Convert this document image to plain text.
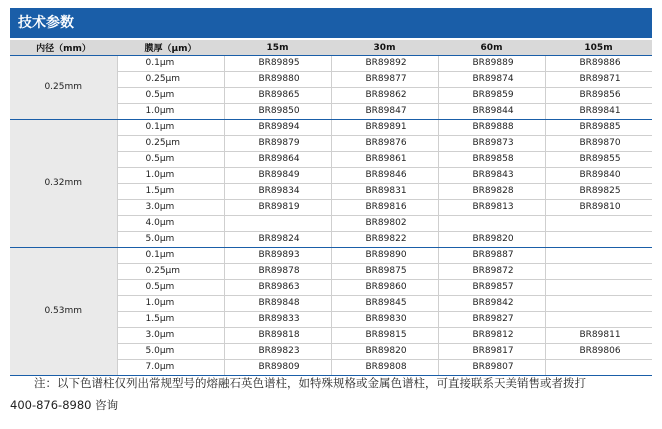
技术参数
内径（mm）	膜厚（μm）	15m	30m	60m	105m
0.25mm	0.1μm	BR89895	BR89892	BR89889	BR89886
	0.25μm	BR89880	BR89877	BR89874	BR89871
	0.5μm	BR89865	BR89862	BR89859	BR89856
	1.0μm	BR89850	BR89847	BR89844	BR89841
0.32mm	0.1μm	BR89894	BR89891	BR89888	BR89885
	0.25μm	BR89879	BR89876	BR89873	BR89870
	0.5μm	BR89864	BR89861	BR89858	BR89855
	1.0μm	BR89849	BR89846	BR89843	BR89840
	1.5μm	BR89834	BR89831	BR89828	BR89825
	3.0μm	BR89819	BR89816	BR89813	BR89810
	4.0μm		BR89802		
	5.0μm	BR89824	BR89822	BR89820	
0.53mm	0.1μm	BR89893	BR89890	BR89887	
	0.25μm	BR89878	BR89875	BR89872	
	0.5μm	BR89863	BR89860	BR89857	
	1.0μm	BR89848	BR89845	BR89842	
	1.5μm	BR89833	BR89830	BR89827	
	3.0μm	BR89818	BR89815	BR89812	BR89811
	5.0μm	BR89823	BR89820	BR89817	BR89806
	7.0μm	BR89809	BR89808	BR89807	
注：以下色谱柱仅列出常规型号的熔融石英色谱柱，如特殊规格或金属色谱柱，可直接联系天美销售或者拨打
400-876-8980 咨询
